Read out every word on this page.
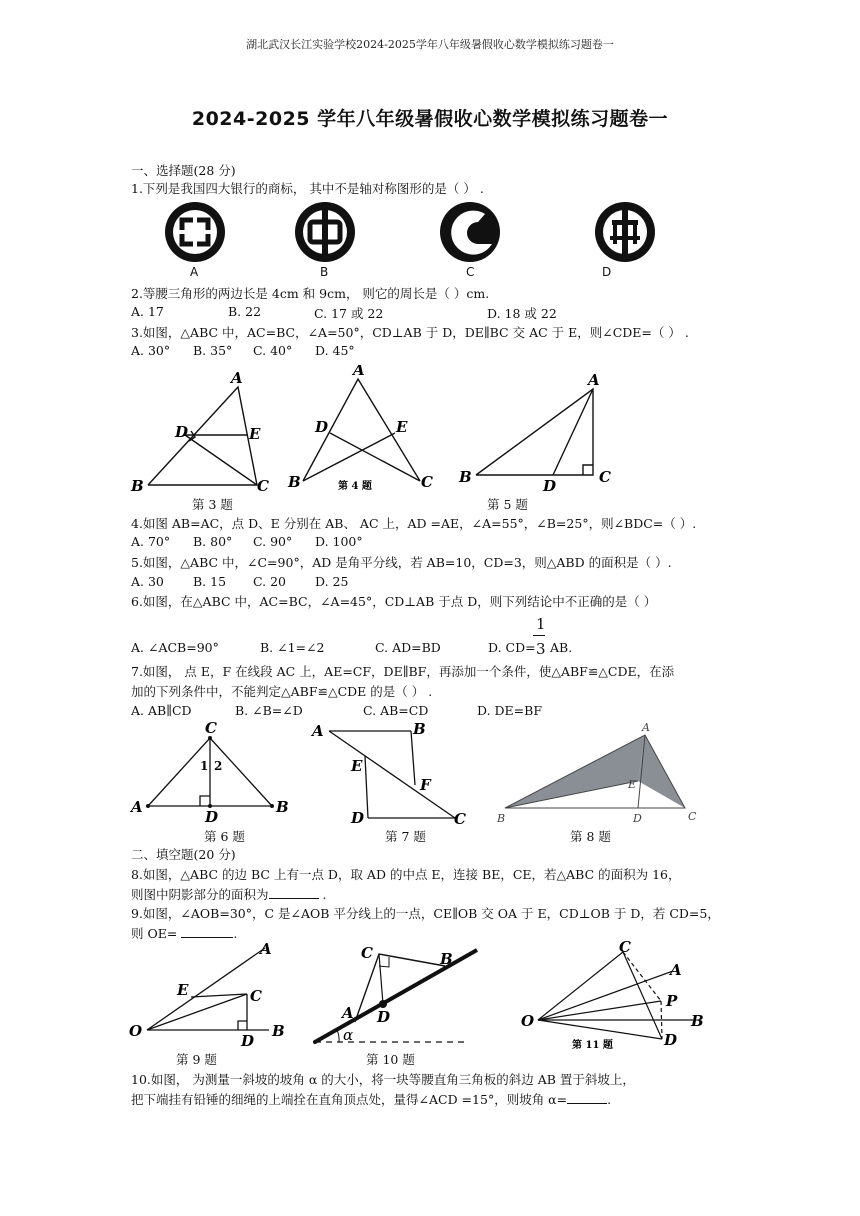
湖北武汉长江实验学校2024-2025学年八年级暑假收心数学模拟练习题卷一
2024-2025 学年八年级暑假收心数学模拟练习题卷一
一、选择题(28 分)
1.下列是我国四大银行的商标， 其中不是轴对称图形的是（ ） .
A	B	C	D
2.等腰三角形的两边长是 4cm 和 9cm， 则它的周长是（ ）cm.
A. 17	B. 22	C. 17 或 22	D. 18 或 22
3.如图，△ABC 中，AC=BC，∠A=50°，CD⊥AB 于 D，DE∥BC 交 AC 于 E，则∠CDE=（ ） .
A. 30° B. 35° C. 40° D. 45°
A
B	C
D	E
A
B	C
D	E
第 4 题
A
B	C
D
第 3 题	第 5 题
4.如图 AB=AC，点 D、E 分别在 AB、 AC 上，AD =AE，∠A=55°，∠B=25°，则∠BDC=（ ）.
A. 70° B. 80° C. 90° D. 100°
5.如图，△ABC 中，∠C=90°，AD 是角平分线，若 AB=10，CD=3，则△ABD 的面积是（ ）.
A. 30 B. 15 C. 20 D. 25
6.如图，在△ABC 中，AC=BC，∠A=45°，CD⊥AB 于点 D，则下列结论中不正确的是（ ）
A. ∠ACB=90°	B. ∠1=∠2	C. AD=BD	D. CD= AB.
1
3
7.如图， 点 E，F 在线段 AC 上，AE=CF，DE∥BF，再添加一个条件，使△ABF≌△CDE，在添
加的下列条件中，不能判定△ABF≌△CDE 的是（ ） .
A. AB∥CD	B. ∠B=∠D	C. AB=CD	D. DE=BF
C
A	B
D
1 2
A	B
E
F
D	C
A
B	C
D
E
第 6 题	第 7 题	第 8 题
二、填空题(20 分)
8.如图，△ABC 的边 BC 上有一点 D，取 AD 的中点 E，连接 BE，CE，若△ABC 的面积为 16，
则图中阴影部分的面积为	.
9.如图，∠AOB=30°，C 是∠AOB 平分线上的一点，CE∥OB 交 OA 于 E，CD⊥OB 于 D，若 CD=5，
则 OE=	.
O
A
B
C
D
E
C	B
A D
α
C
A
P
B
O
D
第 11 题
第 9 题	第 10 题
10.如图， 为测量一斜坡的坡角 α 的大小，将一块等腰直角三角板的斜边 AB 置于斜坡上，
把下端挂有铅锤的细绳的上端拴在直角顶点处，量得∠ACD =15°，则坡角 α=	.
